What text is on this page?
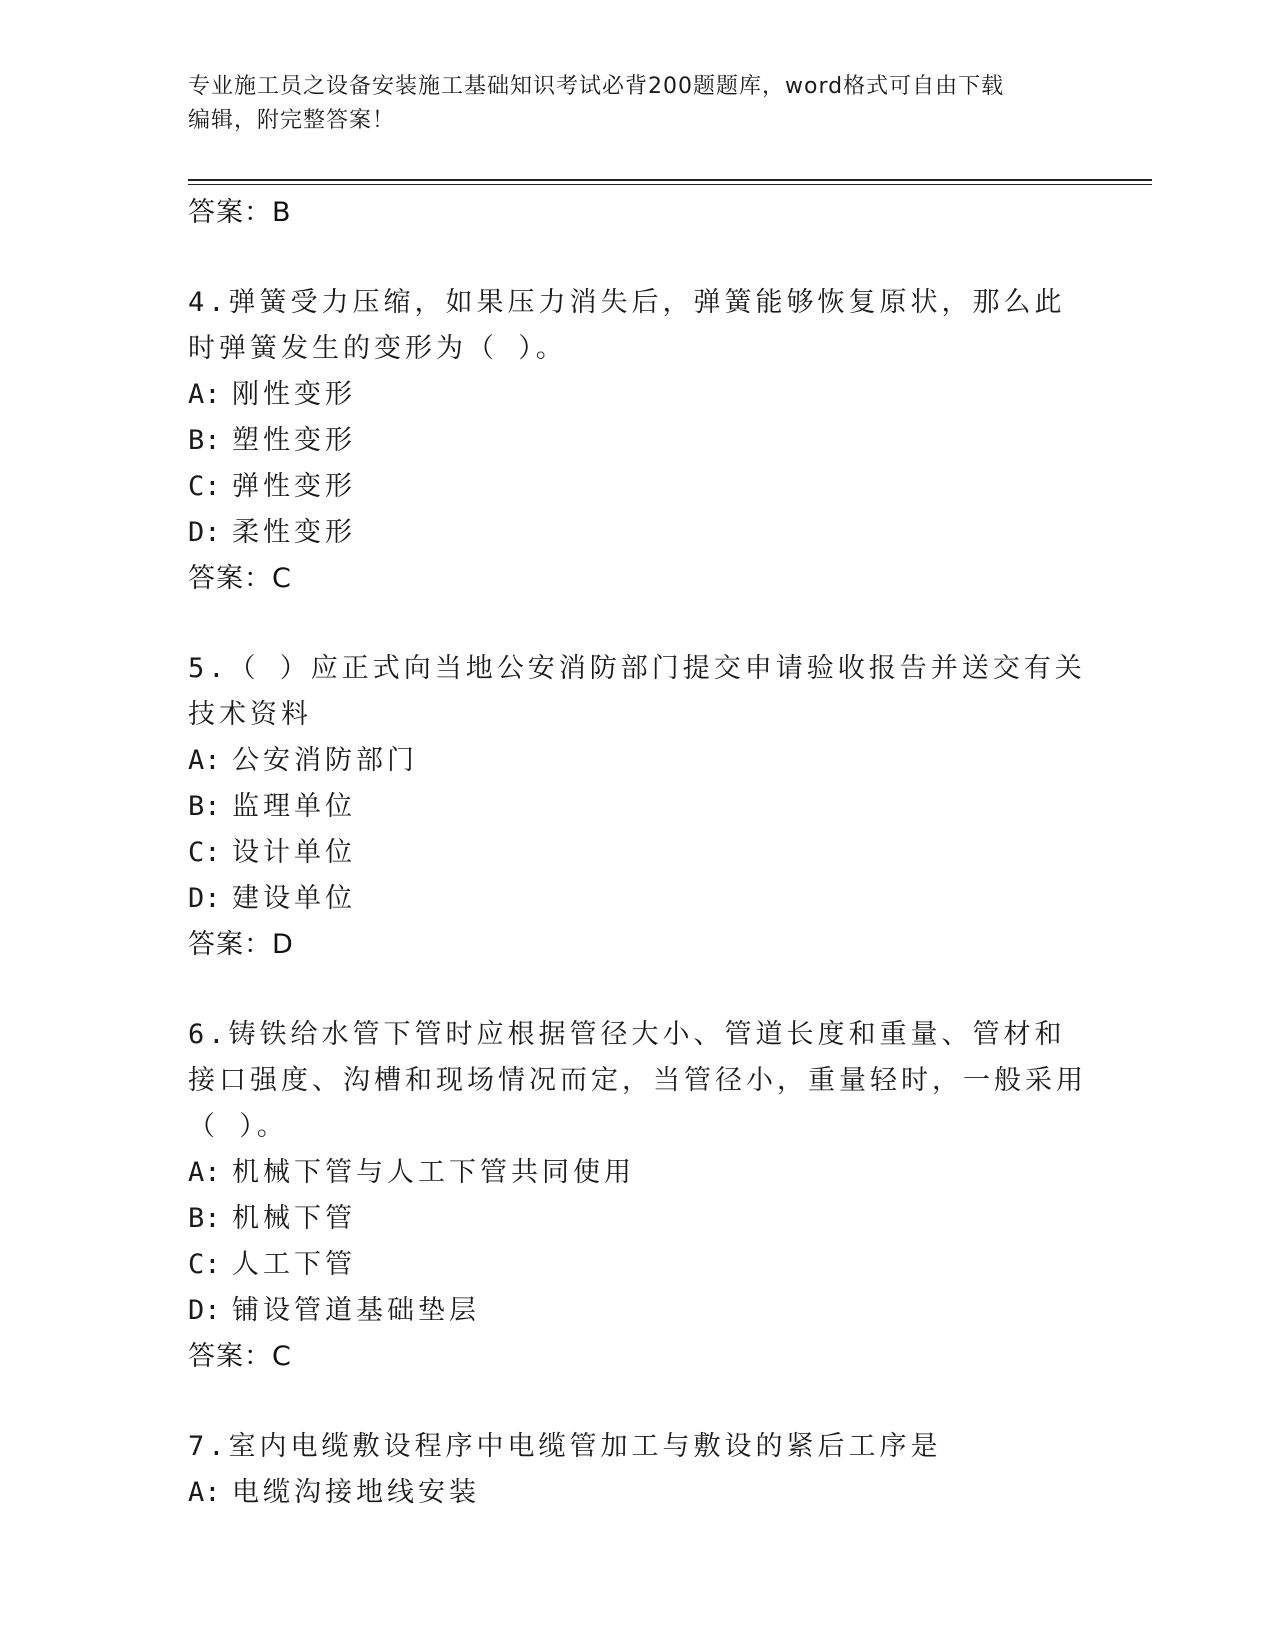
专业施工员之设备安装施工基础知识考试必背200题题库，word格式可自由下载
编辑，附完整答案！
答案：B
4.弹簧受力压缩，如果压力消失后，弹簧能够恢复原状，那么此时弹簧发生的变形为（ ）。
A: 刚性变形
B: 塑性变形
C: 弹性变形
D: 柔性变形
答案：C
5.（ ）应正式向当地公安消防部门提交申请验收报告并送交有关技术资料
A: 公安消防部门
B: 监理单位
C: 设计单位
D: 建设单位
答案：D
6.铸铁给水管下管时应根据管径大小、管道长度和重量、管材和接口强度、沟槽和现场情况而定，当管径小，重量轻时，一般采用（ ）。
A: 机械下管与人工下管共同使用
B: 机械下管
C: 人工下管
D: 铺设管道基础垫层
答案：C
7.室内电缆敷设程序中电缆管加工与敷设的紧后工序是
A: 电缆沟接地线安装
